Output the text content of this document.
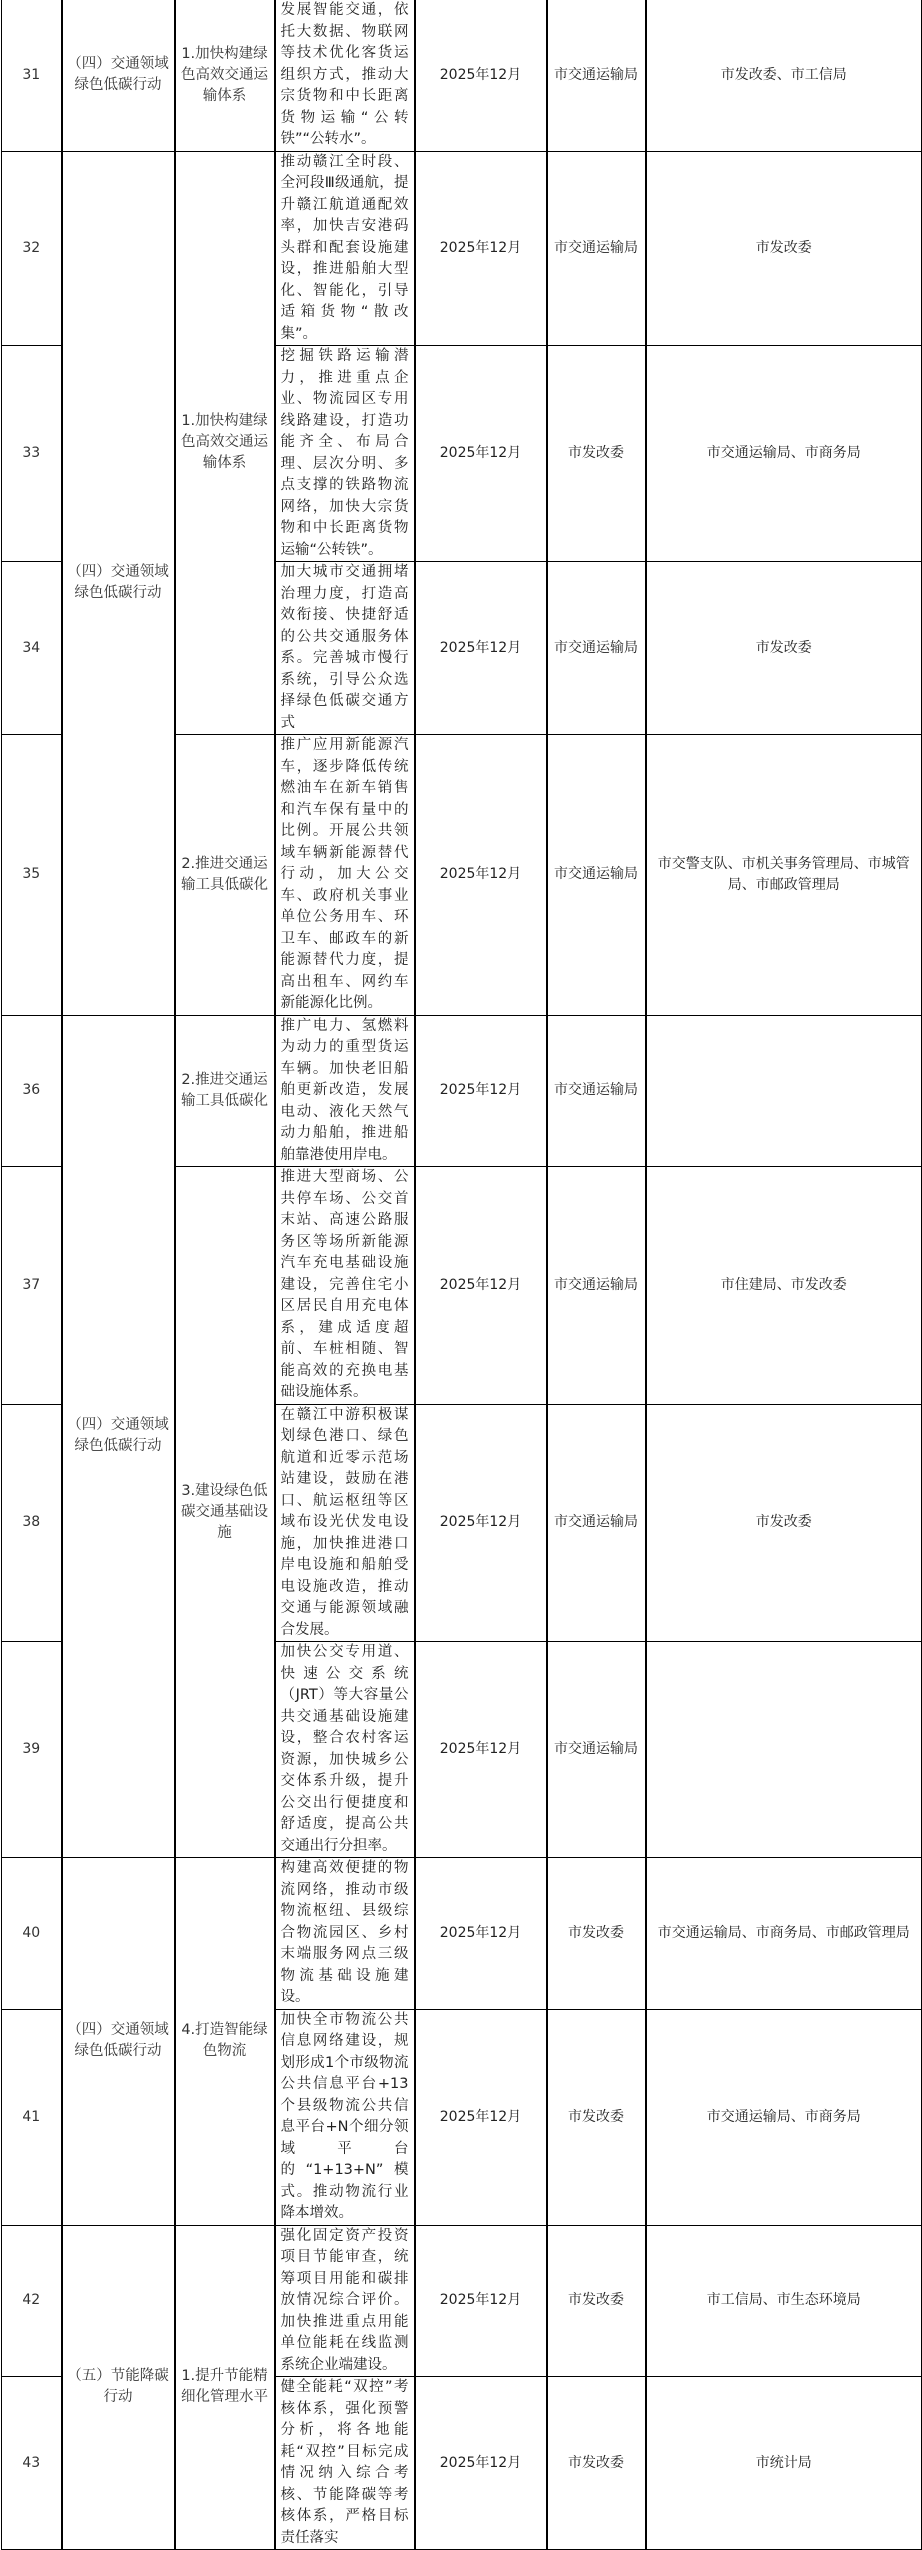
31	（四）交通领域绿色低碳行动	1.加快构建绿色高效交通运输体系	发展智能交通，依托大数据、物联网等技术优化客货运组织方式，推动大宗货物和中长距离货物运输“公转铁”“公转水”。	2025年12月	市交通运输局	市发改委、市工信局
32	（四）交通领域绿色低碳行动	1.加快构建绿色高效交通运输体系	推动赣江全时段、全河段Ⅲ级通航，提升赣江航道通配效率，加快吉安港码头群和配套设施建设，推进船舶大型化、智能化，引导适箱货物“散改集”。	2025年12月	市交通运输局	市发改委
33			挖掘铁路运输潜力，推进重点企业、物流园区专用线路建设，打造功能齐全、布局合理、层次分明、多点支撑的铁路物流网络，加快大宗货物和中长距离货物运输“公转铁”。	2025年12月	市发改委	市交通运输局、市商务局
34			加大城市交通拥堵治理力度，打造高效衔接、快捷舒适的公共交通服务体系。完善城市慢行系统，引导公众选择绿色低碳交通方式	2025年12月	市交通运输局	市发改委
35		2.推进交通运输工具低碳化	推广应用新能源汽车，逐步降低传统燃油车在新车销售和汽车保有量中的比例。开展公共领域车辆新能源替代行动，加大公交车、政府机关事业单位公务用车、环卫车、邮政车的新能源替代力度，提高出租车、网约车新能源化比例。	2025年12月	市交通运输局	市交警支队、市机关事务管理局、市城管局、市邮政管理局
36	（四）交通领域绿色低碳行动	2.推进交通运输工具低碳化	推广电力、氢燃料为动力的重型货运车辆。加快老旧船舶更新改造，发展电动、液化天然气动力船舶，推进船舶靠港使用岸电。	2025年12月	市交通运输局	
37		3.建设绿色低碳交通基础设施	推进大型商场、公共停车场、公交首末站、高速公路服务区等场所新能源汽车充电基础设施建设，完善住宅小区居民自用充电体系，建成适度超前、车桩相随、智能高效的充换电基础设施体系。	2025年12月	市交通运输局	市住建局、市发改委
38			在赣江中游积极谋划绿色港口、绿色航道和近零示范场站建设，鼓励在港口、航运枢纽等区域布设光伏发电设施，加快推进港口岸电设施和船舶受电设施改造，推动交通与能源领域融合发展。	2025年12月	市交通运输局	市发改委
39			加快公交专用道、快速公交系统（JRT）等大容量公共交通基础设施建设，整合农村客运资源，加快城乡公交体系升级，提升公交出行便捷度和舒适度，提高公共交通出行分担率。	2025年12月	市交通运输局	
40	（四）交通领域绿色低碳行动	4.打造智能绿色物流	构建高效便捷的物流网络，推动市级物流枢纽、县级综合物流园区、乡村末端服务网点三级物流基础设施建设。	2025年12月	市发改委	市交通运输局、市商务局、市邮政管理局
41			加快全市物流公共信息网络建设，规划形成1个市级物流公共信息平台+13个县级物流公共信息平台+N个细分领域平台的“1+13+N”模式。推动物流行业降本增效。	2025年12月	市发改委	市交通运输局、市商务局
42	（五）节能降碳行动	1.提升节能精细化管理水平	强化固定资产投资项目节能审查，统筹项目用能和碳排放情况综合评价。加快推进重点用能单位能耗在线监测系统企业端建设。	2025年12月	市发改委	市工信局、市生态环境局
43			健全能耗“双控”考核体系，强化预警分析，将各地能耗“双控”目标完成情况纳入综合考核、节能降碳等考核体系，严格目标责任落实	2025年12月	市发改委	市统计局
